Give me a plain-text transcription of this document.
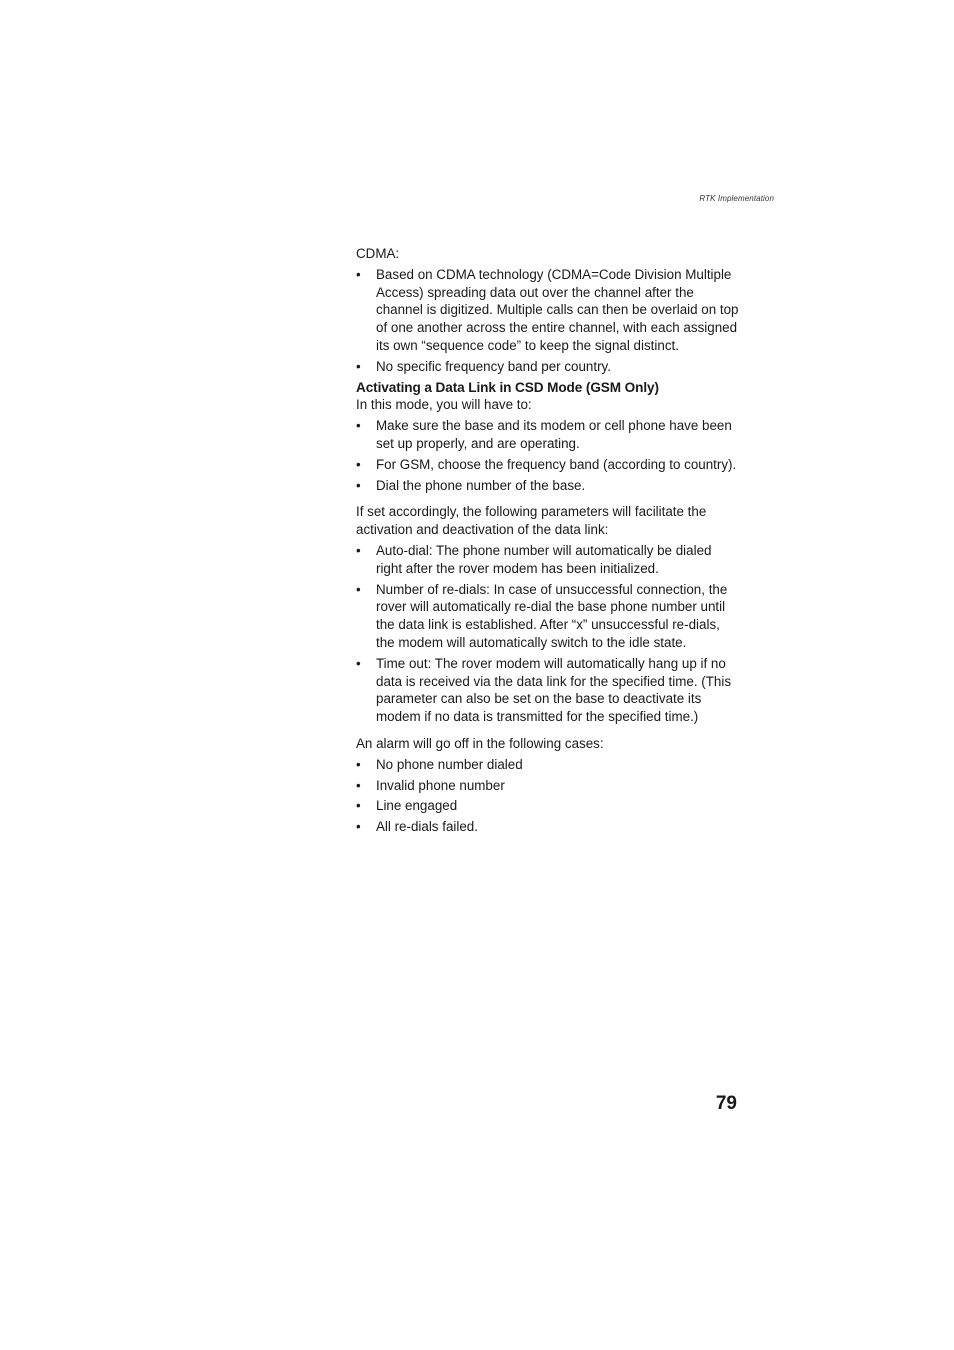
RTK Implementation

CDMA:

• Based on CDMA technology (CDMA=Code Division Multiple Access) spreading data out over the channel after the channel is digitized. Multiple calls can then be overlaid on top of one another across the entire channel, with each assigned its own “sequence code” to keep the signal distinct.
• No specific frequency band per country.

Activating a Data Link in CSD Mode (GSM Only)

In this mode, you will have to:

• Make sure the base and its modem or cell phone have been set up properly, and are operating.
• For GSM, choose the frequency band (according to country).
• Dial the phone number of the base.

If set accordingly, the following parameters will facilitate the activation and deactivation of the data link:

• Auto-dial: The phone number will automatically be dialed right after the rover modem has been initialized.
• Number of re-dials: In case of unsuccessful connection, the rover will automatically re-dial the base phone number until the data link is established. After “x” unsuccessful re-dials, the modem will automatically switch to the idle state.
• Time out: The rover modem will automatically hang up if no data is received via the data link for the specified time. (This parameter can also be set on the base to deactivate its modem if no data is transmitted for the specified time.)

An alarm will go off in the following cases:

• No phone number dialed
• Invalid phone number
• Line engaged
• All re-dials failed.
79
